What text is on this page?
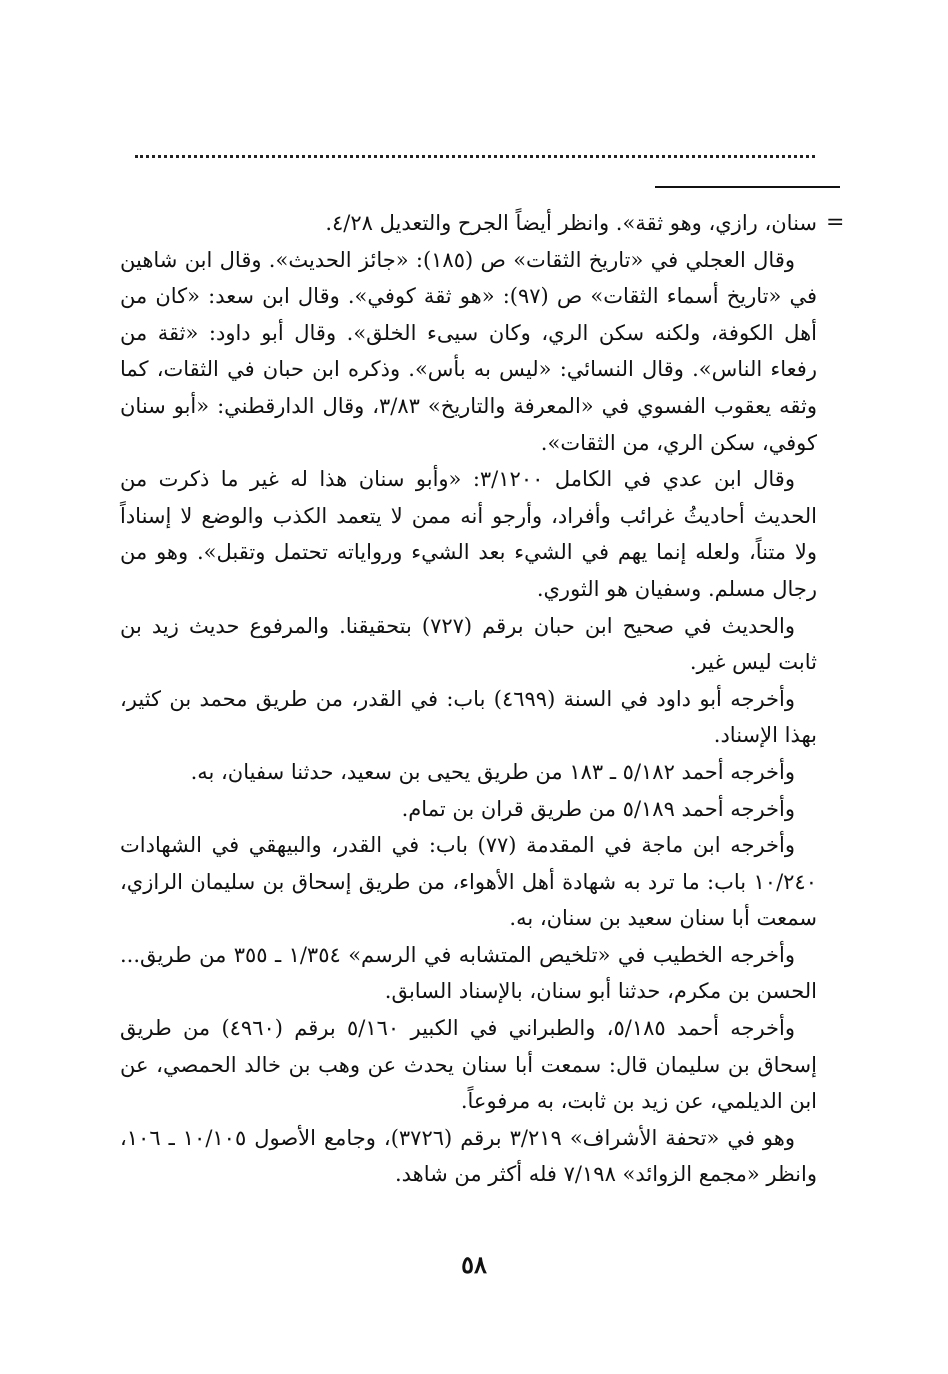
=

سنان، رازي، وهو ثقة». وانظر أيضاً الجرح والتعديل ٤/٢٨.

وقال العجلي في «تاريخ الثقات» ص (١٨٥): «جائز الحديث». وقال ابن شاهين في «تاريخ أسماء الثقات» ص (٩٧): «هو ثقة كوفي». وقال ابن سعد: «كان من أهل الكوفة، ولكنه سكن الري، وكان سيىء الخلق». وقال أبو داود: «ثقة من رفعاء الناس». وقال النسائي: «ليس به بأس». وذكره ابن حبان في الثقات، كما وثقه يعقوب الفسوي في «المعرفة والتاريخ» ٣/٨٣، وقال الدارقطني: «أبو سنان كوفي، سكن الري، من الثقات».

وقال ابن عدي في الكامل ٣/١٢٠٠: «وأبو سنان هذا له غير ما ذكرت من الحديث أحاديثُ غرائب وأفراد، وأرجو أنه ممن لا يتعمد الكذب والوضع لا إسناداً ولا متناً، ولعله إنما يهم في الشيء بعد الشيء ورواياته تحتمل وتقبل». وهو من رجال مسلم. وسفيان هو الثوري.

والحديث في صحيح ابن حبان برقم (٧٢٧) بتحقيقنا. والمرفوع حديث زيد بن ثابت ليس غير.

وأخرجه أبو داود في السنة (٤٦٩٩) باب: في القدر، من طريق محمد بن كثير، بهذا الإسناد.

وأخرجه أحمد ٥/١٨٢ ـ ١٨٣ من طريق يحيى بن سعيد، حدثنا سفيان، به.

وأخرجه أحمد ٥/١٨٩ من طريق قران بن تمام.

وأخرجه ابن ماجة في المقدمة (٧٧) باب: في القدر، والبيهقي في الشهادات ١٠/٢٤٠ باب: ما ترد به شهادة أهل الأهواء، من طريق إسحاق بن سليمان الرازي، سمعت أبا سنان سعيد بن سنان، به.

وأخرجه الخطيب في «تلخيص المتشابه في الرسم» ١/٣٥٤ ـ ٣٥٥ من طريق... الحسن بن مكرم، حدثنا أبو سنان، بالإسناد السابق.

وأخرجه أحمد ٥/١٨٥، والطبراني في الكبير ٥/١٦٠ برقم (٤٩٦٠) من طريق إسحاق بن سليمان قال: سمعت أبا سنان يحدث عن وهب بن خالد الحمصي، عن ابن الديلمي، عن زيد بن ثابت، به مرفوعاً.

وهو في «تحفة الأشراف» ٣/٢١٩ برقم (٣٧٢٦)، وجامع الأصول ١٠/١٠٥ ـ ١٠٦، وانظر «مجمع الزوائد» ٧/١٩٨ فله أكثر من شاهد.

٥٨
